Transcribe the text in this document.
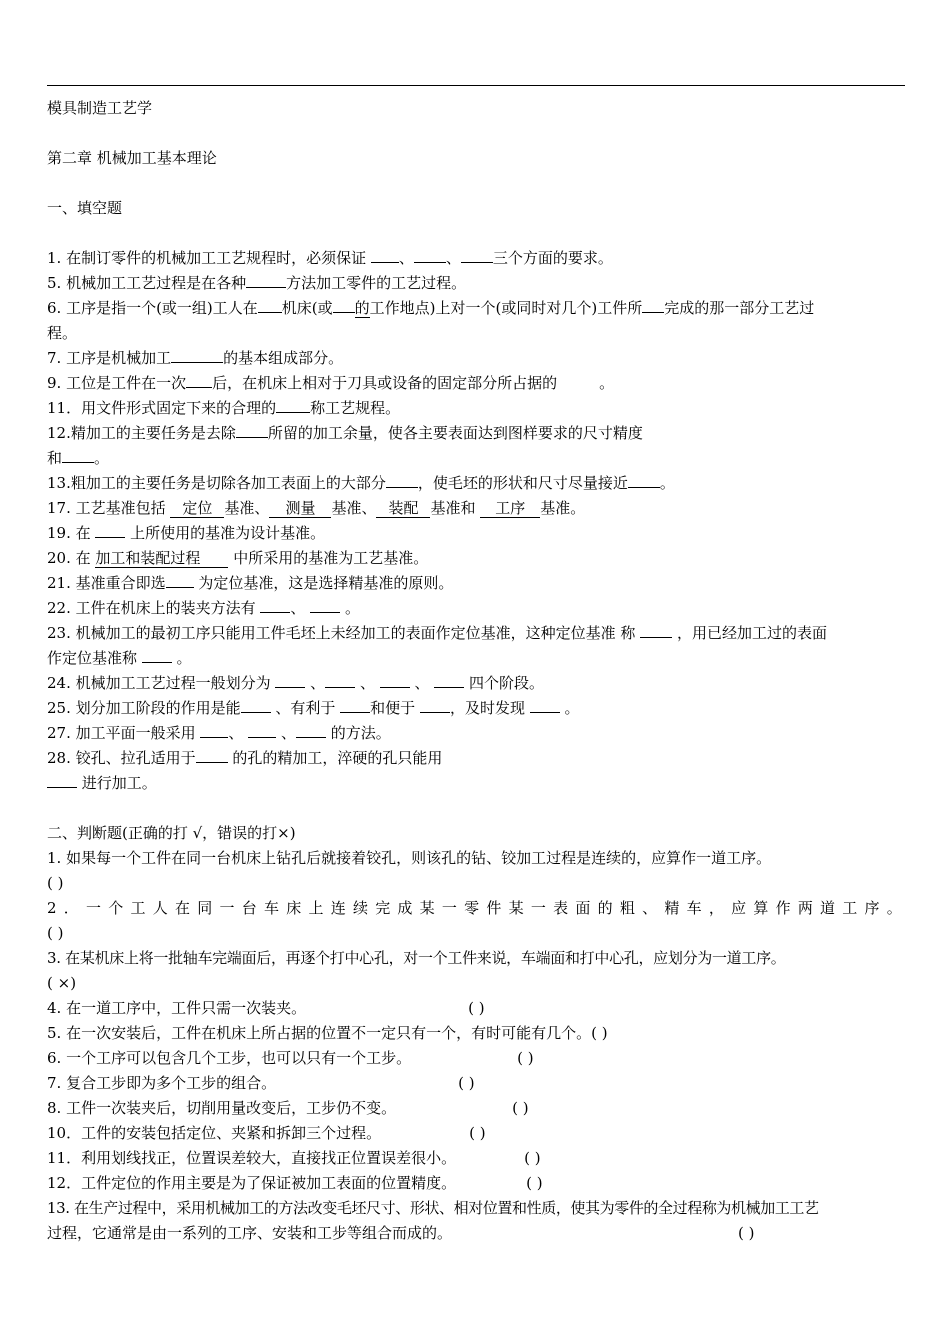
模具制造工艺学
第二章 机械加工基本理论
一、填空题
1. 在制订零件的机械加工工艺规程时，必须保证 、 、 三个方面的要求。
5. 机械加工工艺过程是在各种	方法加工零件的工艺过程。
6. 工序是指一个(或一组)工人在 机床(或 的工作地点)上对一个(或同时对几个)工件所 完成的那一部分工艺过
程。
7. 工序是机械加工	的基本组成部分。
9. 工位是工件在一次 后，在机床上相对于刀具或设备的固定部分所占据的	。
11．用文件形式固定下来的合理的 称工艺规程。
12.精加工的主要任务是去除 所留的加工余量，使各主要表面达到图样要求的尺寸精度
和 。
13.粗加工的主要任务是切除各加工表面上的大部分 ，使毛坯的形状和尺寸尽量接近 。
17. 工艺基准包括 定位 基准、 测量 基准、 装配 基准和 工序 基准。
19. 在  上所使用的基准为设计基准。
20. 在 加工和装配过程 中所采用的基准为工艺基准。
21. 基准重合即选 为定位基准，这是选择精基准的原则。
22. 工件在机床上的装夹方法有 、  。
23. 机械加工的最初工序只能用工件毛坯上未经加工的表面作定位基准，这种定位基准 称  ，用已经加工过的表面
作定位基准称  。
24. 机械加工工艺过程一般划分为  、 、  、  四个阶段。
25. 划分加工阶段的作用是能 、有利于 和便于 ，及时发现  。
27. 加工平面一般采用 、  、 的方法。
28. 铰孔、拉孔适用于 的孔的精加工，淬硬的孔只能用
进行加工。
二、判断题(正确的打 √，错误的打×)
1. 如果每一个工件在同一台机床上钻孔后就接着铰孔，则该孔的钻、铰加工过程是连续的，应算作一道工序。
( )
2．一个工人在同一台车床上连续完成某一零件某一表面的粗、精车，应算作两道工序。
( )
3. 在某机床上将一批轴车完端面后，再逐个打中心孔，对一个工件来说，车端面和打中心孔，应划分为一道工序。
( ×)
4. 在一道工序中，工件只需一次装夹。	( )
5. 在一次安装后，工件在机床上所占据的位置不一定只有一个，有时可能有几个。( )
6. 一个工序可以包含几个工步，也可以只有一个工步。	( )
7. 复合工步即为多个工步的组合。	( )
8. 工件一次装夹后，切削用量改变后，工步仍不变。	( )
10．工件的安装包括定位、夹紧和拆卸三个过程。	( )
11．利用划线找正，位置误差较大，直接找正位置误差很小。	( )
12．工件定位的作用主要是为了保证被加工表面的位置精度。	( )
13. 在生产过程中，采用机械加工的方法改变毛坯尺寸、形状、相对位置和性质，使其为零件的全过程称为机械加工工艺
过程，它通常是由一系列的工序、安装和工步等组合而成的。	( )
